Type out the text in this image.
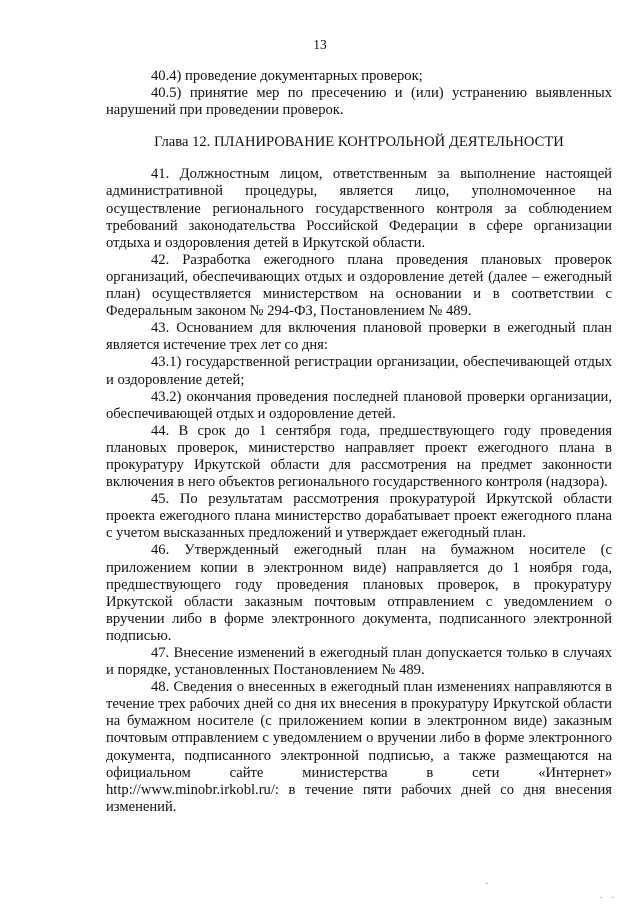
13

40.4) проведение документарных проверок;

40.5) принятие мер по пресечению и (или) устранению выявленных нарушений при проведении проверок.

Глава 12. ПЛАНИРОВАНИЕ КОНТРОЛЬНОЙ ДЕЯТЕЛЬНОСТИ

41. Должностным лицом, ответственным за выполнение настоящей административной процедуры, является лицо, уполномоченное на осуществление регионального государственного контроля за соблюдением требований законодательства Российской Федерации в сфере организации отдыха и оздоровления детей в Иркутской области.

42. Разработка ежегодного плана проведения плановых проверок организаций, обеспечивающих отдых и оздоровление детей (далее – ежегодный план) осуществляется министерством на основании и в соответствии с Федеральным законом № 294-ФЗ, Постановлением № 489.

43. Основанием для включения плановой проверки в ежегодный план является истечение трех лет со дня:

43.1) государственной регистрации организации, обеспечивающей отдых и оздоровление детей;

43.2) окончания проведения последней плановой проверки организации, обеспечивающей отдых и оздоровление детей.

44. В срок до 1 сентября года, предшествующего году проведения плановых проверок, министерство направляет проект ежегодного плана в прокуратуру Иркутской области для рассмотрения на предмет законности включения в него объектов регионального государственного контроля (надзора).

45. По результатам рассмотрения прокуратурой Иркутской области проекта ежегодного плана министерство дорабатывает проект ежегодного плана с учетом высказанных предложений и утверждает ежегодный план.

46. Утвержденный ежегодный план на бумажном носителе (с приложением копии в электронном виде) направляется до 1 ноября года, предшествующего году проведения плановых проверок, в прокуратуру Иркутской области заказным почтовым отправлением с уведомлением о вручении либо в форме электронного документа, подписанного электронной подписью.

47. Внесение изменений в ежегодный план допускается только в случаях и порядке, установленных Постановлением № 489.

48. Сведения о внесенных в ежегодный план изменениях направляются в течение трех рабочих дней со дня их внесения в прокуратуру Иркутской области на бумажном носителе (с приложением копии в электронном виде) заказным почтовым отправлением с уведомлением о вручении либо в форме электронного документа, подписанного электронной подписью, а также размещаются на официальном сайте министерства в сети «Интернет» http://www.minobr.irkobl.ru/: в течение пяти рабочих дней со дня внесения изменений.
